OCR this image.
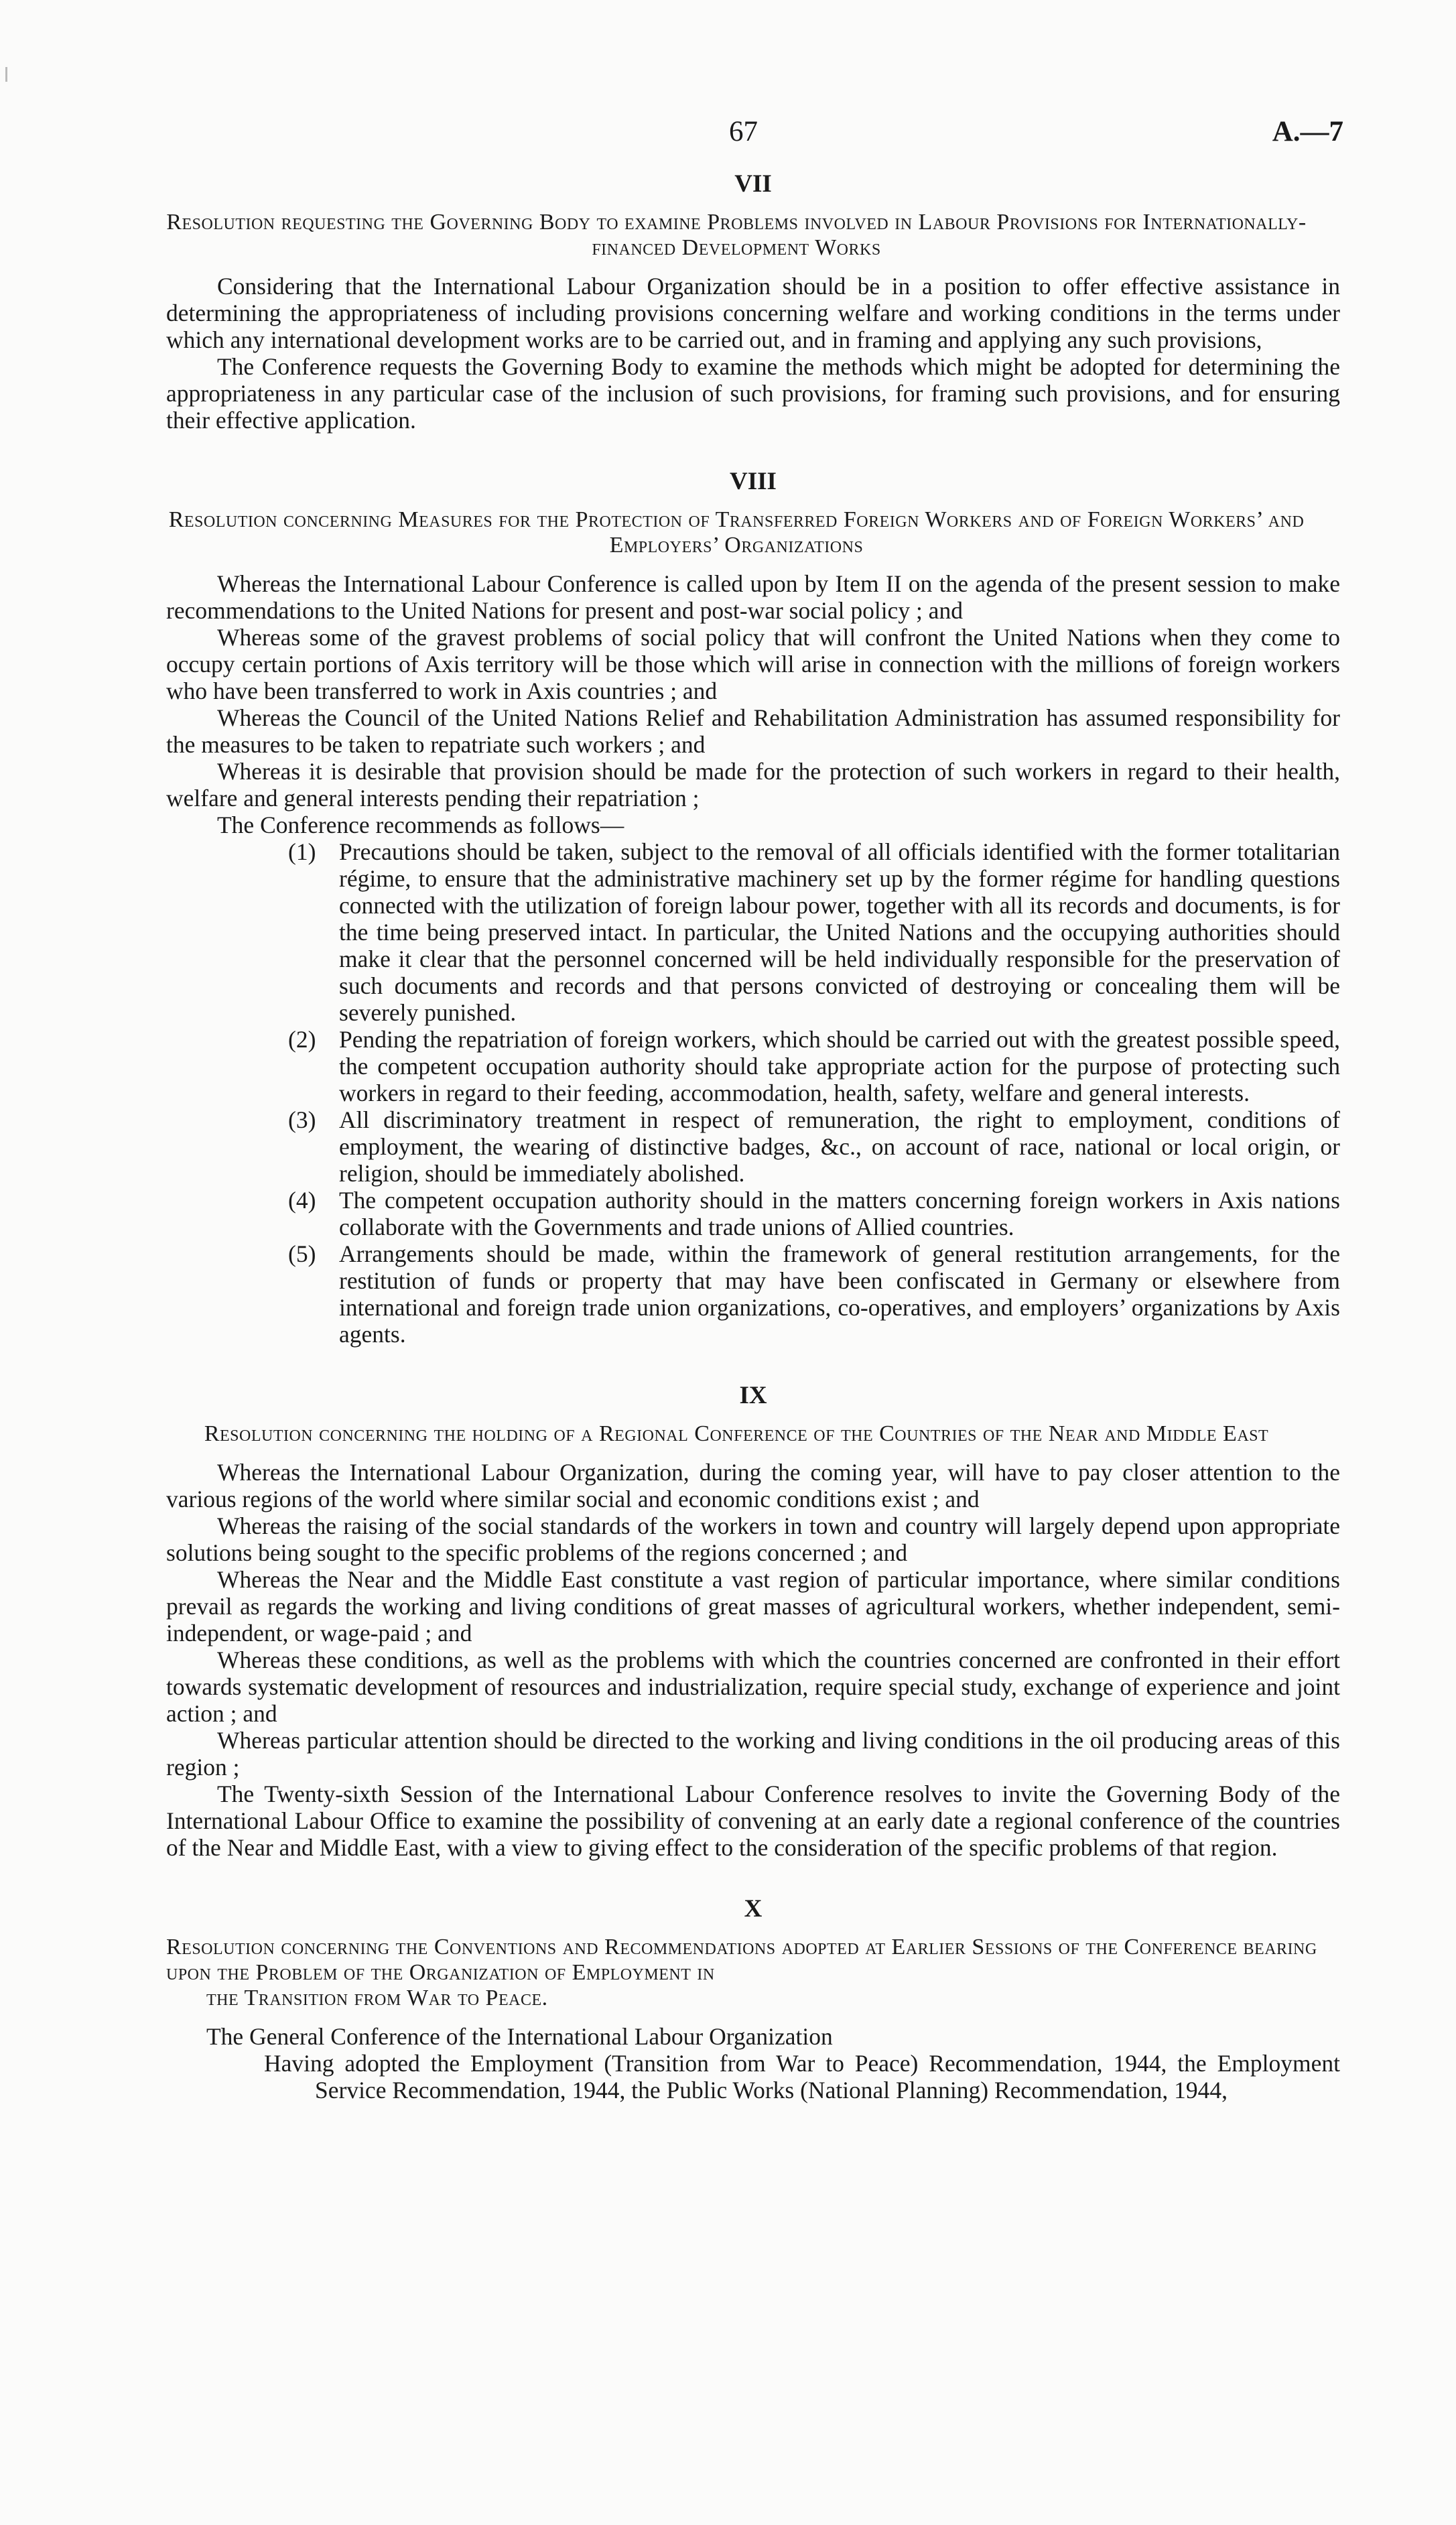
67	A.—7
VII
Resolution requesting the Governing Body to examine Problems involved in Labour Provisions for Internationally-financed Development Works

Considering that the International Labour Organization should be in a position to offer effective assistance in determining the appropriateness of including provisions concerning welfare and working conditions in the terms under which any international development works are to be carried out, and in framing and applying any such provisions,

The Conference requests the Governing Body to examine the methods which might be adopted for determining the appropriateness in any particular case of the inclusion of such provisions, for framing such provisions, and for ensuring their effective application.

VIII
Resolution concerning Measures for the Protection of Transferred Foreign Workers and of Foreign Workers’ and Employers’ Organizations

Whereas the International Labour Conference is called upon by Item II on the agenda of the present session to make recommendations to the United Nations for present and post-war social policy ; and

Whereas some of the gravest problems of social policy that will confront the United Nations when they come to occupy certain portions of Axis territory will be those which will arise in connection with the millions of foreign workers who have been transferred to work in Axis countries ; and

Whereas the Council of the United Nations Relief and Rehabilitation Administration has assumed responsibility for the measures to be taken to repatriate such workers ; and

Whereas it is desirable that provision should be made for the protection of such workers in regard to their health, welfare and general interests pending their repatriation ;

The Conference recommends as follows—

(1) Precautions should be taken, subject to the removal of all officials identified with the former totalitarian régime, to ensure that the administrative machinery set up by the former régime for handling questions connected with the utilization of foreign labour power, together with all its records and documents, is for the time being preserved intact. In particular, the United Nations and the occupying authorities should make it clear that the personnel concerned will be held individually responsible for the preservation of such documents and records and that persons convicted of destroying or concealing them will be severely punished.

(2) Pending the repatriation of foreign workers, which should be carried out with the greatest possible speed, the competent occupation authority should take appropriate action for the purpose of protecting such workers in regard to their feeding, accommodation, health, safety, welfare and general interests.

(3) All discriminatory treatment in respect of remuneration, the right to employment, conditions of employment, the wearing of distinctive badges, &c., on account of race, national or local origin, or religion, should be immediately abolished.

(4) The competent occupation authority should in the matters concerning foreign workers in Axis nations collaborate with the Governments and trade unions of Allied countries.

(5) Arrangements should be made, within the framework of general restitution arrangements, for the restitution of funds or property that may have been confiscated in Germany or elsewhere from international and foreign trade union organizations, co-operatives, and employers’ organizations by Axis agents.

IX
Resolution concerning the holding of a Regional Conference of the Countries of the Near and Middle East

Whereas the International Labour Organization, during the coming year, will have to pay closer attention to the various regions of the world where similar social and economic conditions exist ; and

Whereas the raising of the social standards of the workers in town and country will largely depend upon appropriate solutions being sought to the specific problems of the regions concerned ; and

Whereas the Near and the Middle East constitute a vast region of particular importance, where similar conditions prevail as regards the working and living conditions of great masses of agricultural workers, whether independent, semi-independent, or wage-paid ; and

Whereas these conditions, as well as the problems with which the countries concerned are confronted in their effort towards systematic development of resources and industrialization, require special study, exchange of experience and joint action ; and

Whereas particular attention should be directed to the working and living conditions in the oil producing areas of this region ;

The Twenty-sixth Session of the International Labour Conference resolves to invite the Governing Body of the International Labour Office to examine the possibility of convening at an early date a regional conference of the countries of the Near and Middle East, with a view to giving effect to the consideration of the specific problems of that region.

X
Resolution concerning the Conventions and Recommendations adopted at Earlier Sessions of the Conference bearing upon the Problem of the Organization of Employment in
the Transition from War to Peace.

The General Conference of the International Labour Organization

Having adopted the Employment (Transition from War to Peace) Recommendation, 1944, the Employment Service Recommendation, 1944, the Public Works (National Planning) Recommendation, 1944,
